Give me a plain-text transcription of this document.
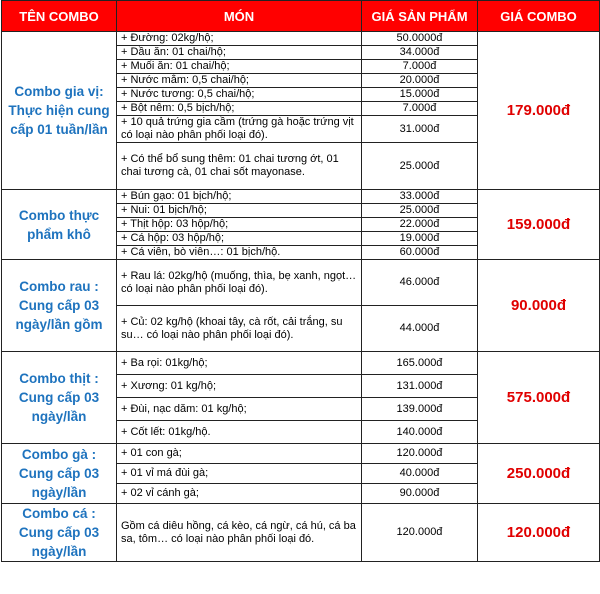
TÊN COMBO	MÓN	GIÁ SẢN PHẨM	GIÁ COMBO
Combo gia vị: Thực hiện cung cấp 01 tuần/lần	+ Đường: 02kg/hộ;	50.0000đ	179.000đ
	+ Dầu ăn: 01 chai/hộ;	34.000đ	
	+ Muối ăn: 01 chai/hộ;	7.000đ	
	+ Nước mắm: 0,5 chai/hộ;	20.000đ	
	+ Nước tương: 0,5 chai/hộ;	15.000đ	
	+ Bột nêm: 0,5 bịch/hộ;	7.000đ	
	+ 10 quả trứng gia cầm (trứng gà hoặc trứng vịt có loại nào phân phối loại đó).	31.000đ	
	+ Có thể bổ sung thêm: 01 chai tương ớt, 01 chai tương cà, 01 chai sốt mayonase.	25.000đ	
Combo thực phẩm khô	+ Bún gạo: 01 bịch/hộ;	33.000đ	159.000đ
	+ Nui: 01 bịch/hộ;	25.000đ	
	+ Thịt hộp: 03 hộp/hộ;	22.000đ	
	+ Cá hộp: 03 hộp/hộ;	19.000đ	
	+ Cá viên, bò viên…: 01 bịch/hộ.	60.000đ	
Combo rau : Cung cấp 03 ngày/lần gồm	+ Rau lá: 02kg/hộ (muống, thìa, bẹ xanh, ngọt… có loại nào phân phối loại đó).	46.000đ	90.000đ
	+ Củ: 02 kg/hộ (khoai tây, cà rốt, cải trắng, su su… có loại nào phân phối loại đó).	44.000đ	
Combo thịt : Cung cấp 03 ngày/lần	+ Ba rọi: 01kg/hộ;	165.000đ	575.000đ
	+ Xương: 01 kg/hộ;	131.000đ	
	+ Đùi, nạc dăm: 01 kg/hộ;	139.000đ	
	+ Cốt lết: 01kg/hộ.	140.000đ	
Combo gà : Cung cấp 03 ngày/lần	+ 01 con gà;	120.000đ	250.000đ
	+ 01 vỉ má đùi gà;	40.000đ	
	+ 02 vỉ cánh gà;	90.000đ	
Combo cá : Cung cấp 03 ngày/lần	Gồm cá diêu hồng, cá kèo, cá ngừ, cá hú, cá ba sa, tôm… có loại nào phân phối loại đó.	120.000đ	120.000đ
